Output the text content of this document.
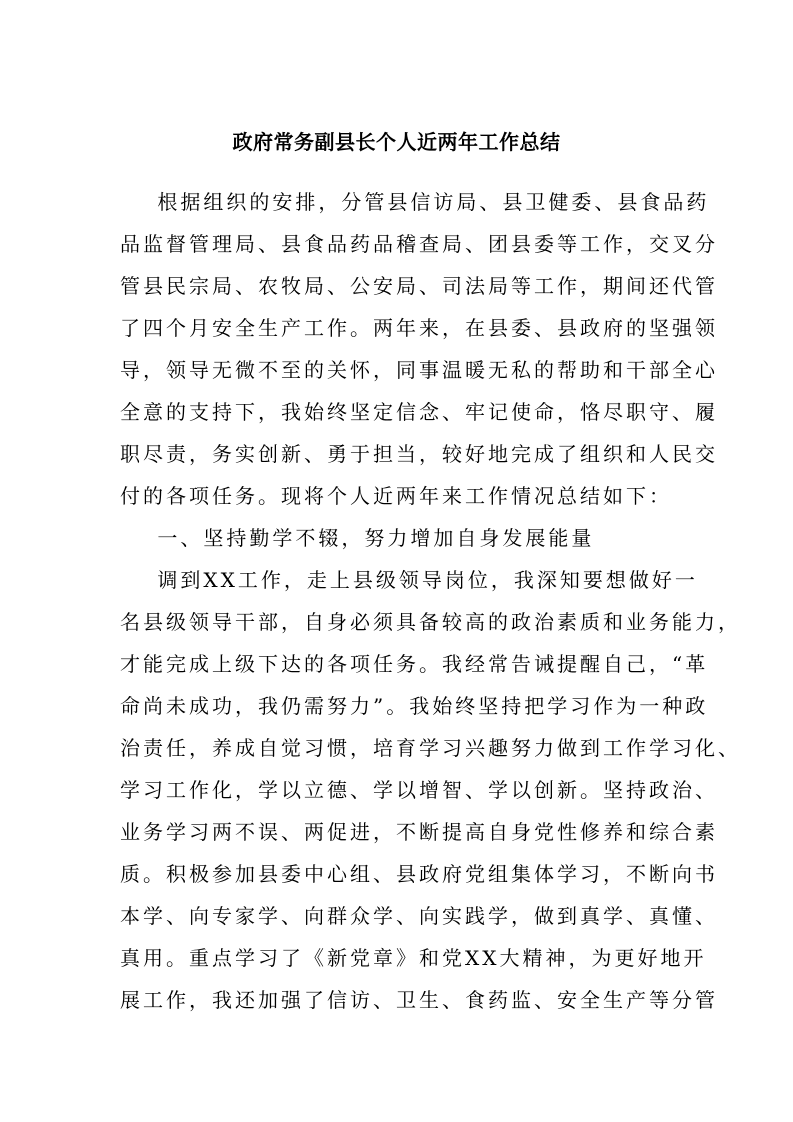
政府常务副县长个人近两年工作总结
根据组织的安排，分管县信访局、县卫健委、县食品药
品监督管理局、县食品药品稽查局、团县委等工作，交叉分
管县民宗局、农牧局、公安局、司法局等工作，期间还代管
了四个月安全生产工作。两年来，在县委、县政府的坚强领
导，领导无微不至的关怀，同事温暖无私的帮助和干部全心
全意的支持下，我始终坚定信念、牢记使命，恪尽职守、履
职尽责，务实创新、勇于担当，较好地完成了组织和人民交
付的各项任务。现将个人近两年来工作情况总结如下：
一、坚持勤学不辍，努力增加自身发展能量
调到XX工作，走上县级领导岗位，我深知要想做好一
名县级领导干部，自身必须具备较高的政治素质和业务能力，
才能完成上级下达的各项任务。我经常告诫提醒自己，“革
命尚未成功，我仍需努力”。我始终坚持把学习作为一种政
治责任，养成自觉习惯，培育学习兴趣努力做到工作学习化、
学习工作化，学以立德、学以增智、学以创新。坚持政治、
业务学习两不误、两促进，不断提高自身党性修养和综合素
质。积极参加县委中心组、县政府党组集体学习，不断向书
本学、向专家学、向群众学、向实践学，做到真学、真懂、
真用。重点学习了《新党章》和党XX大精神，为更好地开
展工作，我还加强了信访、卫生、食药监、安全生产等分管
